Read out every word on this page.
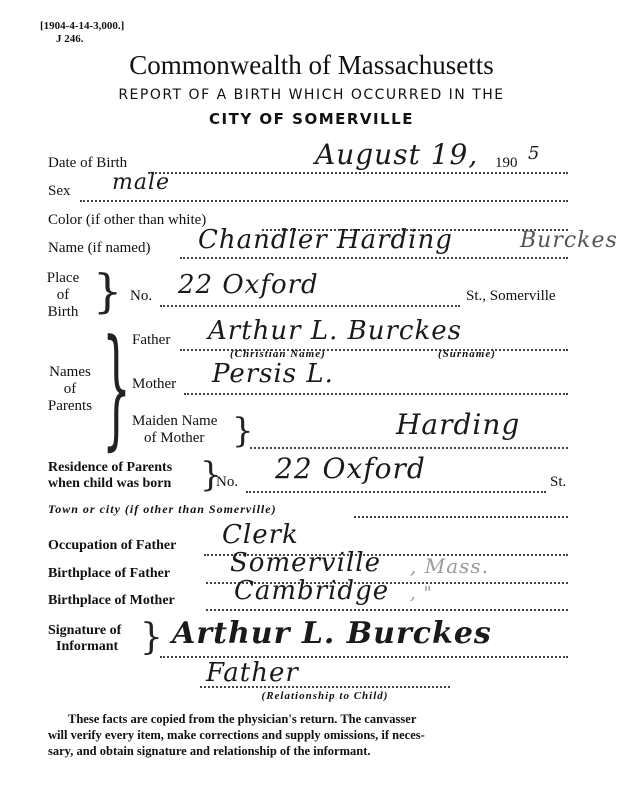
[1904-4-14-3,000.]
J 246.
Commonwealth of Massachusetts
REPORT OF A BIRTH WHICH OCCURRED IN THE
CITY OF SOMERVILLE
Date of Birth	August 19, 190 5
Sex male
Color (if other than white)
Name (if named) Chandler Harding	Burckes
Place
of
Birth } No. 22 Oxford	St., Somerville
Names
of
Parents } Father Arthur L. Burckes
(Christian Name)	(Surname)
Mother Persis L.
Maiden Name
of Mother }	Harding
Residence of Parents
when child was born }
No. 22 Oxford	St.
Town or city (if other than Somerville)
Occupation of Father Clerk
Birthplace of Father Somerville , Mass.
Birthplace of Mother Cambridge , "
Signature of
Informant } Arthur L. Burckes
Father
(Relationship to Child)
These facts are copied from the physician's return. The canvasser
will verify every item, make corrections and supply omissions, if neces-
sary, and obtain signature and relationship of the informant.
